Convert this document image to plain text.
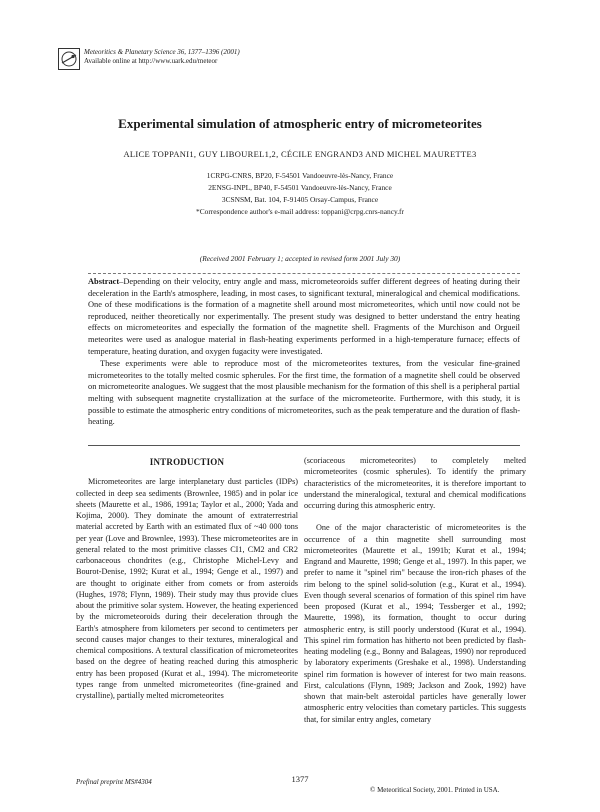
Meteoritics & Planetary Science 36, 1377–1396 (2001)
Available online at http://www.uark.edu/meteor
Experimental simulation of atmospheric entry of micrometeorites
ALICE TOPPANI1, GUY LIBOUREL1,2, CÉCILE ENGRAND3 AND MICHEL MAURETTE3
1CRPG-CNRS, BP20, F-54501 Vandoeuvre-lès-Nancy, France
2ENSG-INPL, BP40, F-54501 Vandoeuvre-lès-Nancy, France
3CSNSM, Bat. 104, F-91405 Orsay-Campus, France
*Correspondence author's e-mail address: toppani@crpg.cnrs-nancy.fr
(Received 2001 February 1; accepted in revised form 2001 July 30)

Abstract–Depending on their velocity, entry angle and mass, micrometeoroids suffer different degrees of heating during their deceleration in the Earth's atmosphere, leading, in most cases, to significant textural, mineralogical and chemical modifications. One of these modifications is the formation of a magnetite shell around most micrometeorites, which until now could not be reproduced, neither theoretically nor experimentally. The present study was designed to better understand the entry heating effects on micrometeorites and especially the formation of the magnetite shell. Fragments of the Murchison and Orgueil meteorites were used as analogue material in flash-heating experiments performed in a high-temperature furnace; effects of temperature, heating duration, and oxygen fugacity were investigated.

These experiments were able to reproduce most of the micrometeorites textures, from the vesicular fine-grained micrometeorites to the totally melted cosmic spherules. For the first time, the formation of a magnetite shell could be observed on micrometeorite analogues. We suggest that the most plausible mechanism for the formation of this shell is a peripheral partial melting with subsequent magnetite crystallization at the surface of the micrometeorite. Furthermore, with this study, it is possible to estimate the atmospheric entry conditions of micrometeorites, such as the peak temperature and the duration of flash-heating.

INTRODUCTION

Micrometeorites are large interplanetary dust particles (IDPs) collected in deep sea sediments (Brownlee, 1985) and in polar ice sheets (Maurette et al., 1986, 1991a; Taylor et al., 2000; Yada and Kojima, 2000). They dominate the amount of extraterrestrial material accreted by Earth with an estimated flux of ~40 000 tons per year (Love and Brownlee, 1993). These micrometeorites are in general related to the most primitive classes CI1, CM2 and CR2 carbonaceous chondrites (e.g., Christophe Michel-Levy and Bourot-Denise, 1992; Kurat et al., 1994; Genge et al., 1997) and are thought to originate either from comets or from asteroids (Hughes, 1978; Flynn, 1989). Their study may thus provide clues about the primitive solar system. However, the heating experienced by the micrometeoroids during their deceleration through the Earth's atmosphere from kilometers per second to centimeters per second causes major changes to their textures, mineralogical and chemical compositions. A textural classification of micrometeorites based on the degree of heating reached during this atmospheric entry has been proposed (Kurat et al., 1994). The micrometeorite types range from unmelted micrometeorites (fine-grained and crystalline), partially melted micrometeorites

(scoriaceous micrometeorites) to completely melted micrometeorites (cosmic spherules). To identify the primary characteristics of the micrometeorites, it is therefore important to understand the mineralogical, textural and chemical modifications occurring during this atmospheric entry.

One of the major characteristic of micrometeorites is the occurrence of a thin magnetite shell surrounding most micrometeorites (Maurette et al., 1991b; Kurat et al., 1994; Engrand and Maurette, 1998; Genge et al., 1997). In this paper, we prefer to name it "spinel rim" because the iron-rich phases of the rim belong to the spinel solid-solution (e.g., Kurat et al., 1994). Even though several scenarios of formation of this spinel rim have been proposed (Kurat et al., 1994; Tessberger et al., 1992; Maurette, 1998), its formation, thought to occur during atmospheric entry, is still poorly understood (Kurat et al., 1994). This spinel rim formation has hitherto not been predicted by flash-heating modeling (e.g., Bonny and Balageas, 1990) nor reproduced by laboratory experiments (Greshake et al., 1998). Understanding spinel rim formation is however of interest for two main reasons. First, calculations (Flynn, 1989; Jackson and Zook, 1992) have shown that main-belt asteroidal particles have generally lower atmospheric entry velocities than cometary particles. This suggests that, for similar entry angles, cometary

Prefinal preprint MS#4304	1377
© Meteoritical Society, 2001. Printed in USA.
